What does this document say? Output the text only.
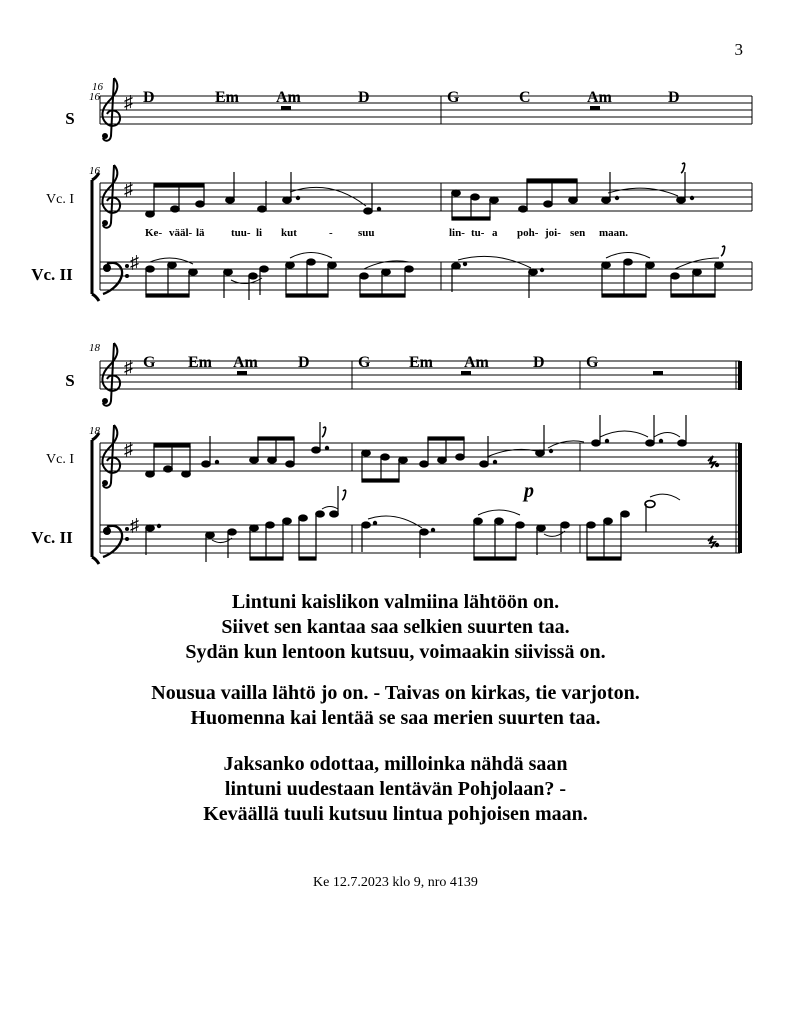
3
♯
16
16	D	Em Am	D	G	C	Am	D
S
♯
16
Vc. I
Ke- vääl- lä tuu- li kut	- suu	lin- tu- a poh- joi- sen maan.
♯
Vc. II
♯
18
G Em Am	D	G Em Am	D	G
S
♯
18
Vc. I
p
♯
Vc. II
Lintuni kaislikon valmiina lähtöön on.
Siivet sen kantaa saa selkien suurten taa.
Sydän kun lentoon kutsuu, voimaakin siivissä on.
Nousua vailla lähtö jo on. - Taivas on kirkas, tie varjoton.
Huomenna kai lentää se saa merien suurten taa.
Jaksanko odottaa, milloinka nähdä saan
lintuni uudestaan lentävän Pohjolaan? -
Keväällä tuuli kutsuu lintua pohjoisen maan.
Ke 12.7.2023 klo 9, nro 4139
